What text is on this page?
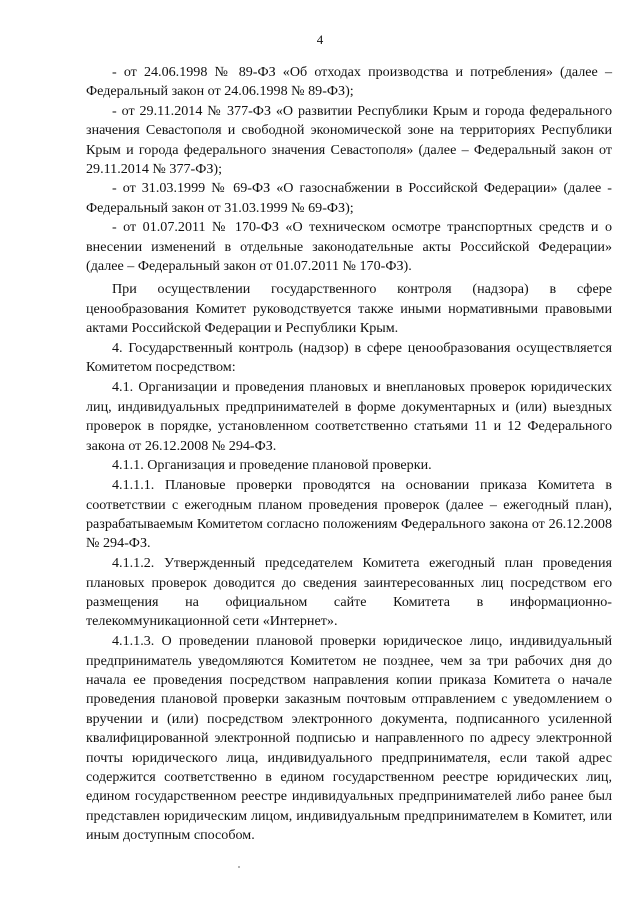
4

- от 24.06.1998 № 89-ФЗ «Об отходах производства и потребления» (далее – Федеральный закон от 24.06.1998 № 89-ФЗ);

- от 29.11.2014 № 377-ФЗ «О развитии Республики Крым и города федерального значения Севастополя и свободной экономической зоне на территориях Республики Крым и города федерального значения Севастополя» (далее – Федеральный закон от 29.11.2014 № 377-ФЗ);

- от 31.03.1999 № 69-ФЗ «О газоснабжении в Российской Федерации» (далее - Федеральный закон от 31.03.1999 № 69-ФЗ);

- от 01.07.2011 № 170-ФЗ «О техническом осмотре транспортных средств и о внесении изменений в отдельные законодательные акты Российской Федерации» (далее – Федеральный закон от 01.07.2011 № 170-ФЗ).

При осуществлении государственного контроля (надзора) в сфере ценообразования Комитет руководствуется также иными нормативными правовыми актами Российской Федерации и Республики Крым.

4. Государственный контроль (надзор) в сфере ценообразования осуществляется Комитетом посредством:

4.1. Организации и проведения плановых и внеплановых проверок юридических лиц, индивидуальных предпринимателей в форме документарных и (или) выездных проверок в порядке, установленном соответственно статьями 11 и 12 Федерального закона от 26.12.2008 № 294-ФЗ.

4.1.1. Организация и проведение плановой проверки.

4.1.1.1. Плановые проверки проводятся на основании приказа Комитета в соответствии с ежегодным планом проведения проверок (далее – ежегодный план), разрабатываемым Комитетом согласно положениям Федерального закона от 26.12.2008 № 294-ФЗ.

4.1.1.2. Утвержденный председателем Комитета ежегодный план проведения плановых проверок доводится до сведения заинтересованных лиц посредством его размещения на официальном сайте Комитета в информационно-телекоммуникационной сети «Интернет».

4.1.1.3. О проведении плановой проверки юридическое лицо, индивидуальный предприниматель уведомляются Комитетом не позднее, чем за три рабочих дня до начала ее проведения посредством направления копии приказа Комитета о начале проведения плановой проверки заказным почтовым отправлением с уведомлением о вручении и (или) посредством электронного документа, подписанного усиленной квалифицированной электронной подписью и направленного по адресу электронной почты юридического лица, индивидуального предпринимателя, если такой адрес содержится соответственно в едином государственном реестре юридических лиц, едином государственном реестре индивидуальных предпринимателей либо ранее был представлен юридическим лицом, индивидуальным предпринимателем в Комитет, или иным доступным способом.
